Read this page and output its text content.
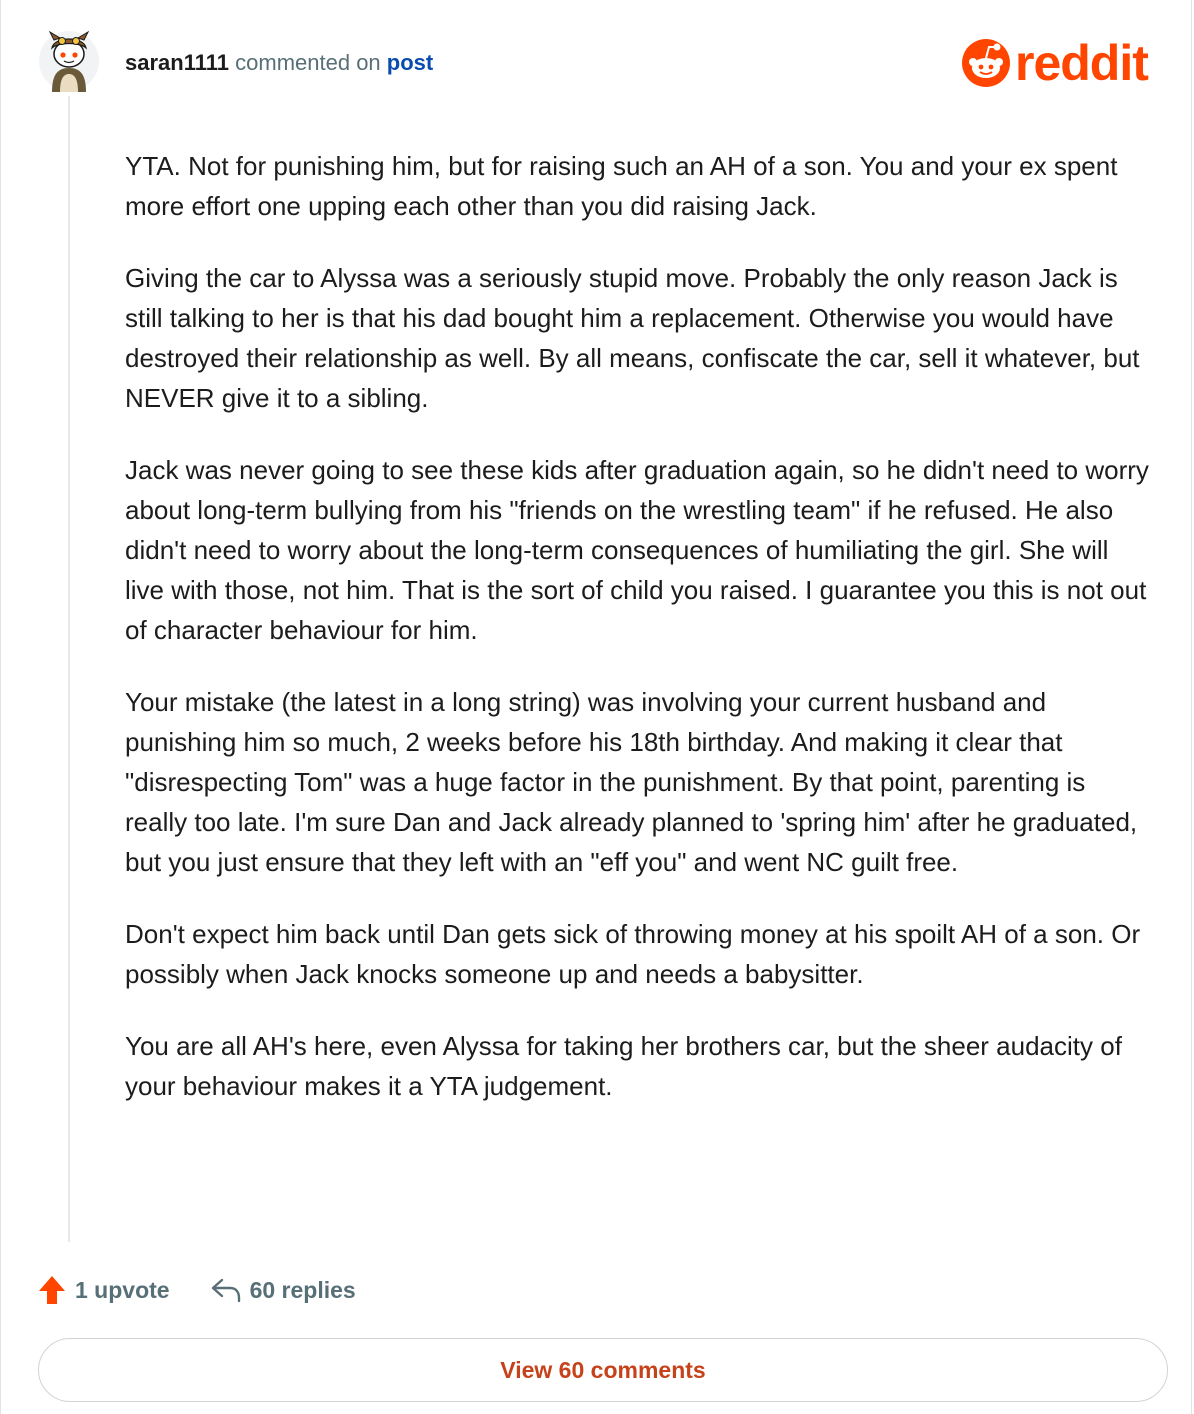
saran1111 commented on post	reddit

YTA. Not for punishing him, but for raising such an AH of a son. You and your ex spent more effort one upping each other than you did raising Jack.

Giving the car to Alyssa was a seriously stupid move. Probably the only reason Jack is still talking to her is that his dad bought him a replacement. Otherwise you would have destroyed their relationship as well. By all means, confiscate the car, sell it whatever, but NEVER give it to a sibling.

Jack was never going to see these kids after graduation again, so he didn't need to worry about long-term bullying from his "friends on the wrestling team" if he refused. He also didn't need to worry about the long-term consequences of humiliating the girl. She will live with those, not him. That is the sort of child you raised. I guarantee you this is not out of character behaviour for him.

Your mistake (the latest in a long string) was involving your current husband and punishing him so much, 2 weeks before his 18th birthday. And making it clear that "disrespecting Tom" was a huge factor in the punishment. By that point, parenting is really too late. I'm sure Dan and Jack already planned to 'spring him' after he graduated, but you just ensure that they left with an "eff you" and went NC guilt free.

Don't expect him back until Dan gets sick of throwing money at his spoilt AH of a son. Or possibly when Jack knocks someone up and needs a babysitter.

You are all AH's here, even Alyssa for taking her brothers car, but the sheer audacity of your behaviour makes it a YTA judgement.

1 upvote	60 replies
View 60 comments
